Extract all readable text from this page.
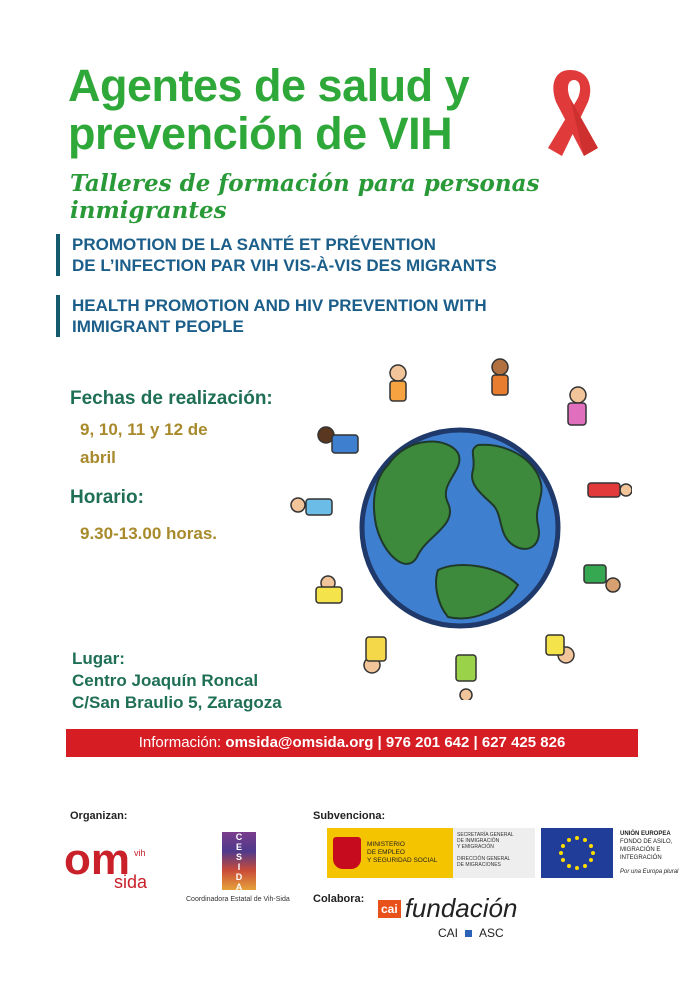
Agentes de salud y
prevención de VIH
Talleres de formación para personas inmigrantes
PROMOTION DE LA SANTÉ ET PRÉVENTION
DE L’INFECTION PAR VIH VIS-À-VIS DES MIGRANTS
HEALTH PROMOTION AND HIV PREVENTION WITH
IMMIGRANT PEOPLE
Fechas de realización:
9, 10, 11 y 12 de
abril
Horario:
9.30-13.00 horas.
Lugar:
Centro Joaquín Roncal
C/San Braulio 5, Zaragoza
Información: omsida@omsida.org | 976 201 642 | 627 425 826
Organizan:	Subvenciona:
Colabora:
om vih
sida
C
E
S
I
D
A
Coordinadora Estatal de Vih-Sida
MINISTERIO
DE EMPLEO
Y SEGURIDAD SOCIAL
SECRETARÍA GENERAL
DE INMIGRACIÓN
Y EMIGRACIÓN
DIRECCIÓN GENERAL
DE MIGRACIONES
UNIÓN EUROPEA
FONDO DE ASILO,
MIGRACIÓN E
INTEGRACIÓN
Por una Europa plural
cai fundación
CAI ASC
